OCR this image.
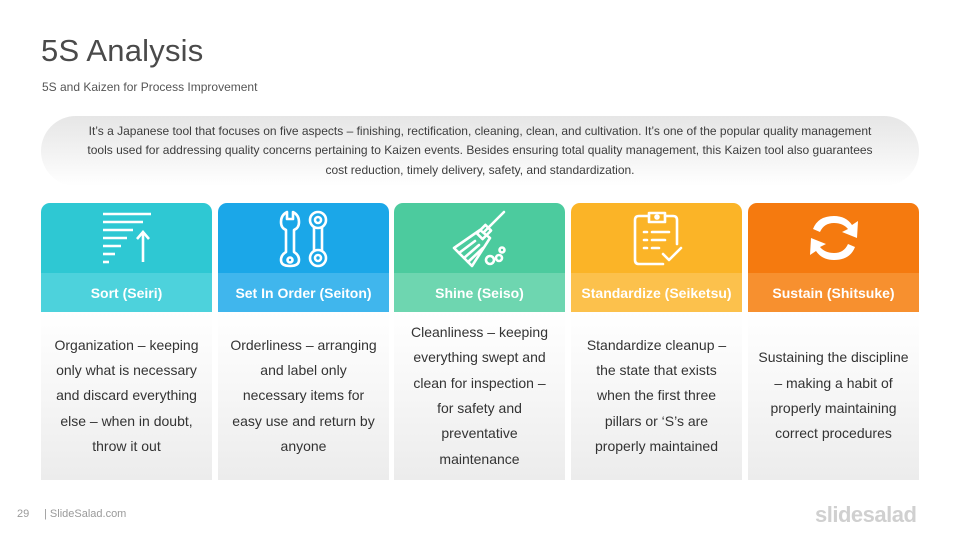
5S Analysis
5S and Kaizen for Process Improvement

It’s a Japanese tool that focuses on five aspects – finishing, rectification, cleaning, clean, and cultivation. It’s one of the popular quality management tools used for addressing quality concerns pertaining to Kaizen events. Besides ensuring total quality management, this Kaizen tool also guarantees cost reduction, timely delivery, safety, and standardization.

Sort (Seiri)

Organization – keeping only what is necessary and discard everything else – when in doubt, throw it out

Set In Order (Seiton)

Orderliness – arranging and label only necessary items for easy use and return by anyone

Shine (Seiso)

Cleanliness – keeping everything swept and clean for inspection – for safety and preventative maintenance

Standardize (Seiketsu)

Standardize cleanup – the state that exists when the first three pillars or ‘S’s are properly maintained

Sustain (Shitsuke)

Sustaining the discipline – making a habit of properly maintaining correct procedures

29 | SlideSalad.com	slidesalad
